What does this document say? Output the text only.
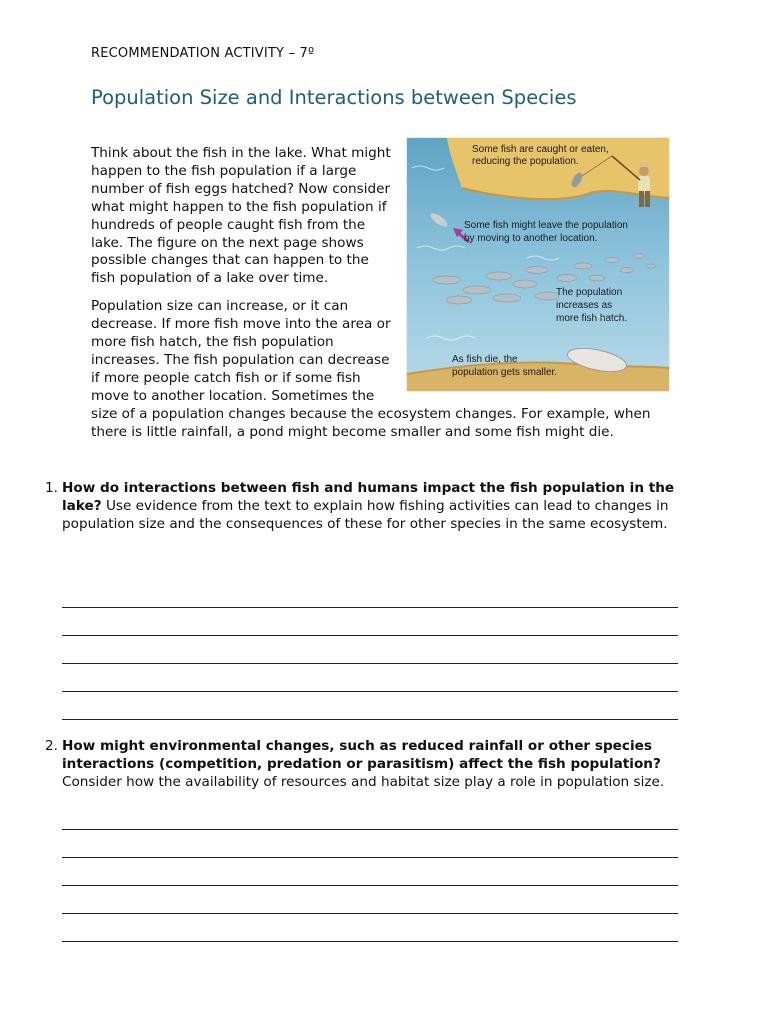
RECOMMENDATION ACTIVITY – 7º
Population Size and Interactions between Species
Some fish are caught or eaten,
reducing the population.
Some fish might leave the population
by moving to another location.
The population
increases as
more fish hatch.
As fish die, the
population gets smaller.

Think about the fish in the lake. What might happen to the fish population if a large number of fish eggs hatched? Now consider what might happen to the fish population if hundreds of people caught fish from the lake. The figure on the next page shows possible changes that can happen to the fish population of a lake over time.

Population size can increase, or it can decrease. If more fish move into the area or more fish hatch, the fish population increases. The fish population can decrease if more people catch fish or if some fish move to another location. Sometimes the size of a population changes because the ecosystem changes. For example, when there is little rainfall, a pond might become smaller and some fish might die.

1. How do interactions between fish and humans impact the fish population in the lake? Use evidence from the text to explain how fishing activities can lead to changes in population size and the consequences of these for other species in the same ecosystem.
2. How might environmental changes, such as reduced rainfall or other species interactions (competition, predation or parasitism) affect the fish population? Consider how the availability of resources and habitat size play a role in population size.
